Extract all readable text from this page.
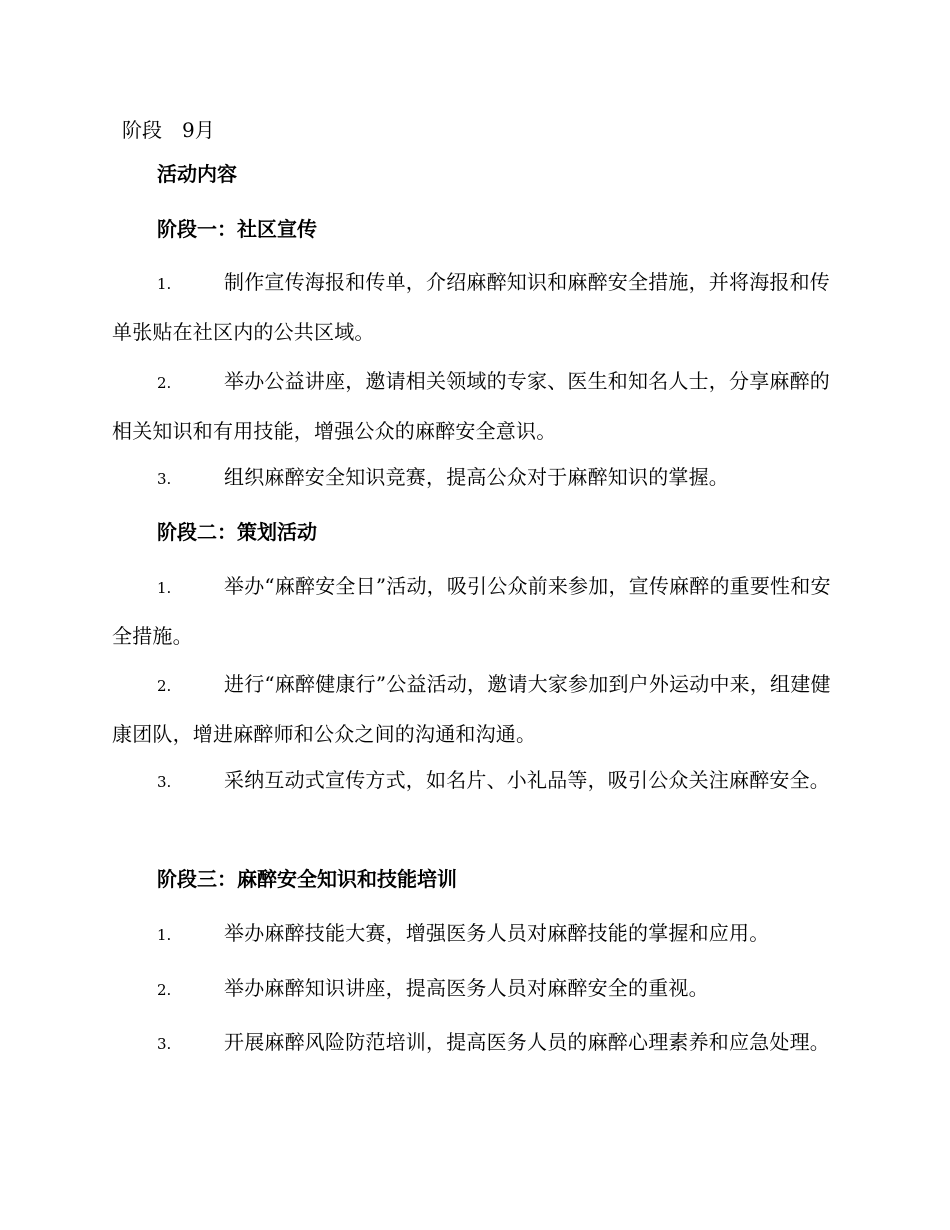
阶段 9月
活动内容
阶段一：社区宣传
1.	制作宣传海报和传单，介绍麻醉知识和麻醉安全措施，并将海报和传单张贴在社区内的公共区域。
2.	举办公益讲座，邀请相关领域的专家、医生和知名人士，分享麻醉的相关知识和有用技能，增强公众的麻醉安全意识。
3.	组织麻醉安全知识竞赛，提高公众对于麻醉知识的掌握。
阶段二：策划活动
1.	举办“麻醉安全日”活动，吸引公众前来参加，宣传麻醉的重要性和安全措施。
2.	进行“麻醉健康行”公益活动，邀请大家参加到户外运动中来，组建健康团队，增进麻醉师和公众之间的沟通和沟通。
3.	采纳互动式宣传方式，如名片、小礼品等，吸引公众关注麻醉安全。
阶段三：麻醉安全知识和技能培训
1.	举办麻醉技能大赛，增强医务人员对麻醉技能的掌握和应用。
2.	举办麻醉知识讲座，提高医务人员对麻醉安全的重视。
3.	开展麻醉风险防范培训，提高医务人员的麻醉心理素养和应急处理。
